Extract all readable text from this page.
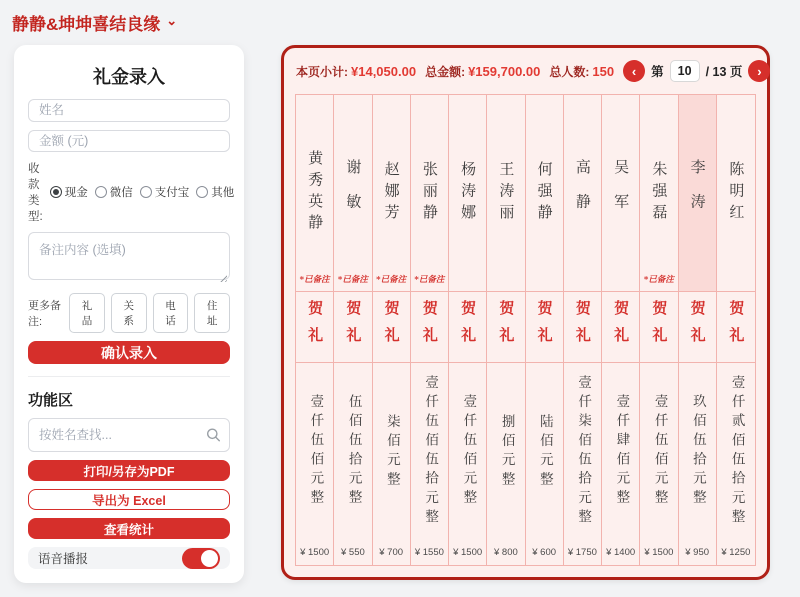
静静&坤坤喜结良缘 ⌄
礼金录入
姓名
金额 (元)
收款类型:
现金 微信 支付宝 其他
备注内容 (选填)
更多备注:
礼品
关系
电话
住址
确认录入
功能区
按姓名查找...
打印/另存为PDF
导出为 Excel
查看统计
语音播报
本页小计: ¥14,050.00 总金额: ¥159,700.00 总人数: 150	‹	第
10	/ 13 页	›
黄秀英静
*已备注
贺礼
壹仟伍佰元整
¥ 1500
谢敏
*已备注
贺礼
伍佰伍拾元整
¥ 550
赵娜芳
*已备注
贺礼
柒佰元整
¥ 700
张丽静
*已备注
贺礼
壹仟伍佰伍拾元整
¥ 1550
杨涛娜
贺礼
壹仟伍佰元整
¥ 1500
王涛丽
贺礼
捌佰元整
¥ 800
何强静
贺礼
陆佰元整
¥ 600
高静
贺礼
壹仟柒佰伍拾元整
¥ 1750
吴军
贺礼
壹仟肆佰元整
¥ 1400
朱强磊
*已备注
贺礼
壹仟伍佰元整
¥ 1500
李涛
贺礼
玖佰伍拾元整
¥ 950
陈明红
贺礼
壹仟贰佰伍拾元整
¥ 1250
